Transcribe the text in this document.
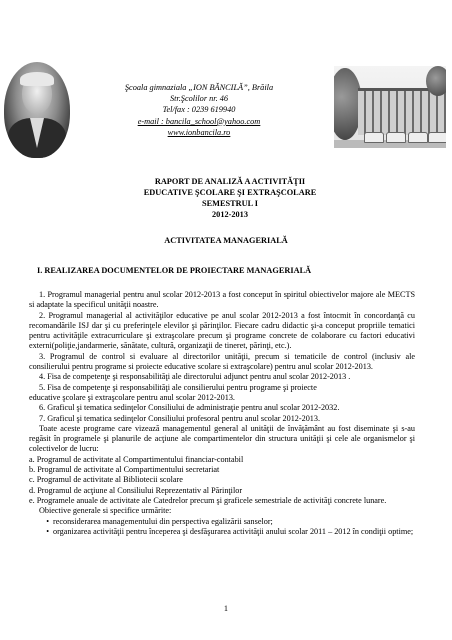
Şcoala gimnaziala „ION BĂNCILĂ”, Brăila
Str.Şcolilor nr. 46
Tel/fax : 0239 619940
e-mail : bancila_school@yahoo.com
www.ionbancila.ro
RAPORT DE ANALIZĂ A ACTIVITĂŢII
EDUCATIVE ŞCOLARE ŞI EXTRAŞCOLARE
SEMESTRUL I
2012-2013
ACTIVITATEA MANAGERIALĂ
I. REALIZAREA DOCUMENTELOR DE PROIECTARE MANAGERIALĂ

1. Programul managerial pentru anul scolar 2012-2013 a fost conceput în spiritul obiectivelor majore ale MECTS si adaptate la specificul unităţii noastre.

2. Programul managerial al activităţilor educative pe anul scolar 2012-2013 a fost întocmit în concordanţă cu recomandările ISJ dar şi cu preferinţele elevilor şi părinţilor. Fiecare cadru didactic şi-a conceput propriile tematici pentru activităţile extracurriculare şi extraşcolare precum şi programe concrete de colaborare cu factori educativi externi(poliţie,jandarmerie, sănătate, cultură, organizaţii de tineret, părinţi, etc.).

3. Programul de control si evaluare al directorilor unităţii, precum si tematicile de control (inclusiv ale consilierului pentru programe si proiecte educative scolare si extraşcolare) pentru anul scolar 2012-2013.

4. Fisa de competenţe şi responsabilităţi ale directorului adjunct pentru anul scolar 2012-2013 .

5. Fisa de competenţe şi responsabilităţi ale consilierului pentru programe şi proiecte

educative şcolare şi extraşcolare pentru anul scolar 2012-2013.

6. Graficul şi tematica sedinţelor Consiliului de administraţie pentru anul scolar 2012-2032.

7. Graficul şi tematica sedinţelor Consiliului profesoral pentru anul scolar 2012-2013.

Toate aceste programe care vizează managementul general al unităţii de învăţământ au fost diseminate şi s-au regăsit în programele şi planurile de acţiune ale compartimentelor din structura unităţii şi cele ale organismelor şi colectivelor de lucru:

a. Programul de activitate al Compartimentului financiar-contabil

b. Programul de activitate al Compartimentului secretariat

c. Programul de activitate al Bibliotecii scolare

d. Programul de acţiune al Consiliului Reprezentativ al Părinţilor

e. Programele anuale de activitate ale Catedrelor precum şi graficele semestriale de activităţi concrete lunare.

Obiective generale si specifice urmărite:

• reconsiderarea managementului din perspectiva egalizării sanselor;
• organizarea activităţii pentru începerea şi desfăşurarea activităţii anului scolar 2011 – 2012 în condiţii optime;
1
